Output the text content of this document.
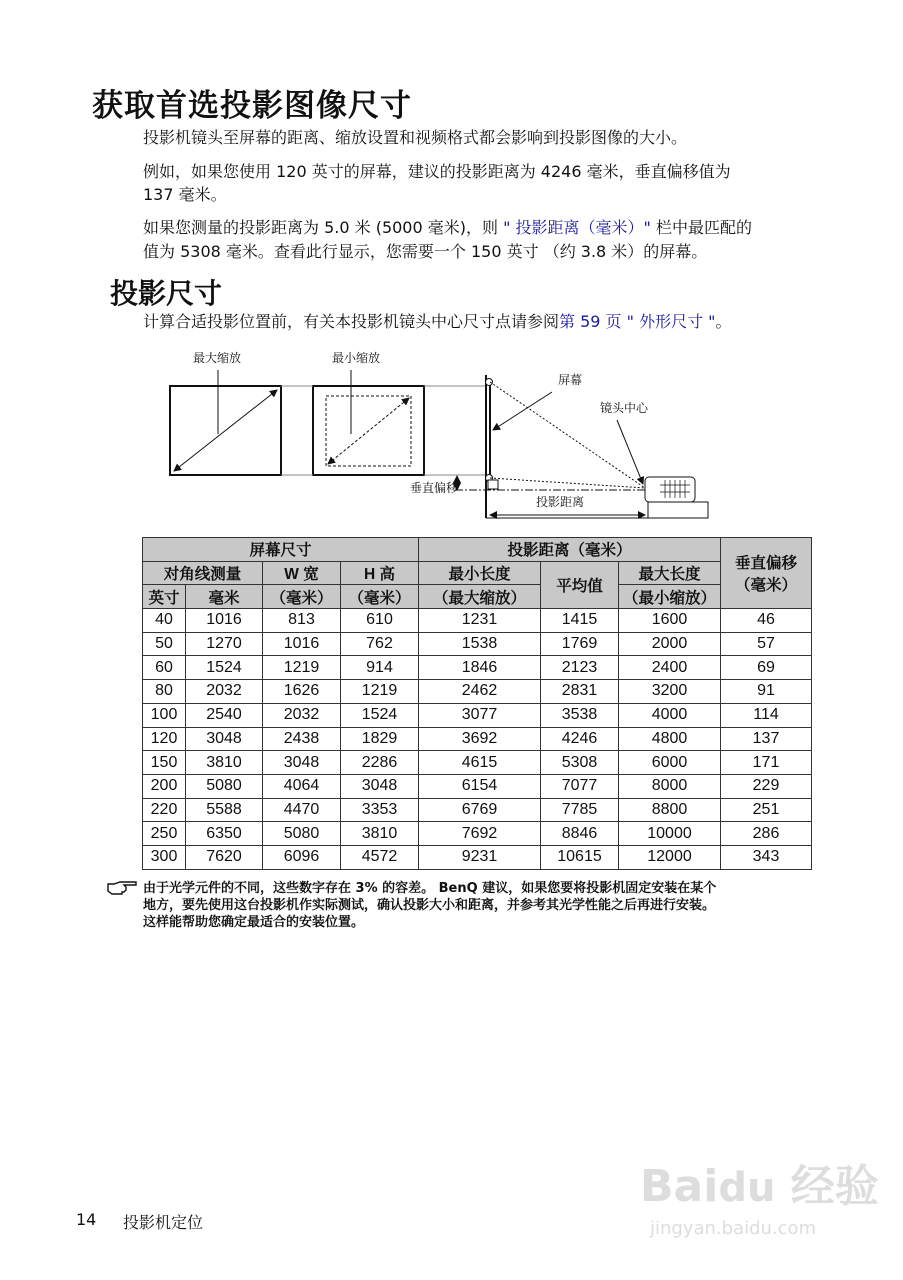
获取首选投影图像尺寸
投影机镜头至屏幕的距离、缩放设置和视频格式都会影响到投影图像的大小。
例如，如果您使用 120 英寸的屏幕，建议的投影距离为 4246 毫米，垂直偏移值为
137 毫米。
如果您测量的投影距离为 5.0 米 (5000 毫米)，则 " 投影距离（毫米）" 栏中最匹配的
值为 5308 毫米。查看此行显示，您需要一个 150 英寸 （约 3.8 米）的屏幕。
投影尺寸
计算合适投影位置前，有关本投影机镜头中心尺寸点请参阅第 59 页 " 外形尺寸 "。
最大缩放	最小缩放
屏幕
镜头中心
垂直偏移
投影距离
屏幕尺寸				投影距离（毫米）			垂直偏移
（毫米）
对角线测量		W 宽	H 高	最小长度	平均值	最大长度	
英寸	毫米	（毫米）	（毫米）	（最大缩放）		（最小缩放）	
40	1016	813	610	1231	1415	1600	46
50	1270	1016	762	1538	1769	2000	57
60	1524	1219	914	1846	2123	2400	69
80	2032	1626	1219	2462	2831	3200	91
100	2540	2032	1524	3077	3538	4000	114
120	3048	2438	1829	3692	4246	4800	137
150	3810	3048	2286	4615	5308	6000	171
200	5080	4064	3048	6154	7077	8000	229
220	5588	4470	3353	6769	7785	8800	251
250	6350	5080	3810	7692	8846	10000	286
300	7620	6096	4572	9231	10615	12000	343
由于光学元件的不同，这些数字存在 3% 的容差。 BenQ 建议，如果您要将投影机固定安装在某个
地方，要先使用这台投影机作实际测试，确认投影大小和距离，并参考其光学性能之后再进行安装。
这样能帮助您确定最适合的安装位置。
Baidu 经验
jingyan.baidu.com
14 投影机定位
